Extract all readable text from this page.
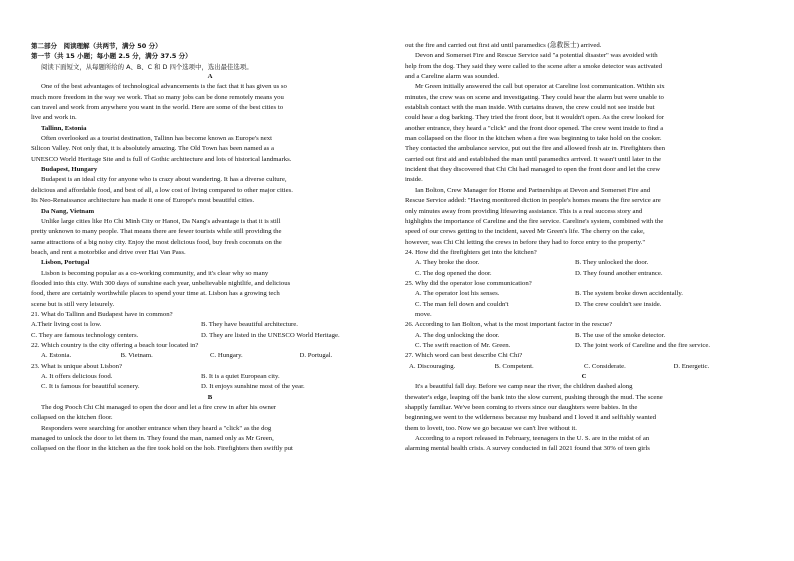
第二部分　阅读理解（共两节，满分 50 分）
第一节（共 15 小题；每小题 2.5 分，满分 37.5 分）
阅读下面短文，从每题所给的 A、B、C 和 D 四个选项中，选出最佳选项。
A
One of the best advantages of technological advancements is the fact that it has given us so
much more freedom in the way we work. That so many jobs can be done remotely means you
can travel and work from anywhere you want in the world. Here are some of the best cities to
live and work in.
Tallinn, Estonia
Often overlooked as a tourist destination, Tallinn has become known as Europe's next
Silicon Valley. Not only that, it is absolutely amazing. The Old Town has been named as a
UNESCO World Heritage Site and is full of Gothic architecture and lots of historical landmarks.
Budapest, Hungary
Budapest is an ideal city for anyone who is crazy about wandering. It has a diverse culture,
delicious and affordable food, and best of all, a low cost of living compared to other major cities.
Its Neo-Renaissance architecture has made it one of Europe's most beautiful cities.
Da Nang, Vietnam
Unlike large cities like Ho Chi Minh City or Hanoi, Da Nang's advantage is that it is still
pretty unknown to many people. That means there are fewer tourists while still providing the
same attractions of a big noisy city. Enjoy the most delicious food, buy fresh coconuts on the
beach, and rent a motorbike and drive over Hai Van Pass.
Lisbon, Portugal
Lisbon is becoming popular as a co-working community, and it's clear why so many
flooded into this city. With 300 days of sunshine each year, unbelievable nightlife, and delicious
food, there are certainly worthwhile places to spend your time at. Lisbon has a growing tech
scene but is still very leisurely.
21. What do Tallinn and Budapest have in common?
A.Their living cost is low.	B. They have beautiful architecture.
C. They are famous technology centers.	D. They are listed in the UNESCO World Heritage.
22. Which country is the city offering a beach tour located in?
A. Estonia.	B. Vietnam.	C. Hungary.	D. Portugal.
23. What is unique about Lisbon?
A. It offers delicious food.	B. It is a quiet European city.
C. It is famous for beautiful scenery.	D. It enjoys sunshine most of the year.
B
The dog Pooch Chi Chi managed to open the door and let a fire crew in after his owner
collapsed on the kitchen floor.
Responders were searching for another entrance when they heard a "click" as the dog
managed to unlock the door to let them in. They found the man, named only as Mr Green,
collapsed on the floor in the kitchen as the fire took hold on the hob. Firefighters then swiftly put
out the fire and carried out first aid until paramedics (急救医士) arrived.
Devon and Somerset Fire and Rescue Service said "a potential disaster" was avoided with
help from the dog. They said they were called to the scene after a smoke detector was activated
and a Careline alarm was sounded.
Mr Green initially answered the call but operator at Careline lost communication. Within six
minutes, the crew was on scene and investigating. They could hear the alarm but were unable to
establish contact with the man inside. With curtains drawn, the crew could not see inside but
could hear a dog barking. They tried the front door, but it wouldn't open. As the crew looked for
another entrance, they heard a "click" and the front door opened. The crew went inside to find a
man collapsed on the floor in the kitchen when a fire was beginning to take hold on the cooker.
They contacted the ambulance service, put out the fire and allowed fresh air in. Firefighters then
carried out first aid and established the man until paramedics arrived. It wasn't until later in the
incident that they discovered that Chi Chi had managed to open the front door and let the crew
inside.
Ian Bolton, Crew Manager for Home and Partnerships at Devon and Somerset Fire and
Rescue Service added: "Having monitored diction in people's homes means the fire service are
only minutes away from providing lifesaving assistance. This is a real success story and
highlights the importance of Careline and the fire service. Careline's system, combined with the
speed of our crews getting to the incident, saved Mr Green's life. The cherry on the cake,
however, was Chi Chi letting the crews in before they had to force entry to the property."
24. How did the firefighters get into the kitchen?
A. They broke the door.	B. They unlocked the door.
C. The dog opened the door.	D. They found another entrance.
25. Why did the operator lose communication?
A. The operator lost his senses.	B. The system broke down accidentally.
C. The man fell down and couldn't	D. The crew couldn't see inside.
move.
26. According to Ian Bolton, what is the most important factor in the rescue?
A. The dog unlocking the door.	B. The use of the smoke detector.
C. The swift reaction of Mr. Green.	D. The joint work of Careline and the fire service.
27. Which word can best describe Chi Chi?
A. Discouraging.	B. Competent.	C. Considerate.	D. Energetic.
C
It's a beautiful fall day. Before we camp near the river, the children dashed along
thewater's edge, leaping off the bank into the slow current, pushing through the mud. The scene
shappily familiar. We've been coming to rivers since our daughters were babies. In the
beginning,we went to the wilderness because my husband and I loved it and selfishly wanted
them to loveit, too. Now we go because we can't live without it.
According to a report released in February, teenagers in the U. S. are in the midst of an
alarming mental health crisis. A survey conducted in fall 2021 found that 30% of teen girls
